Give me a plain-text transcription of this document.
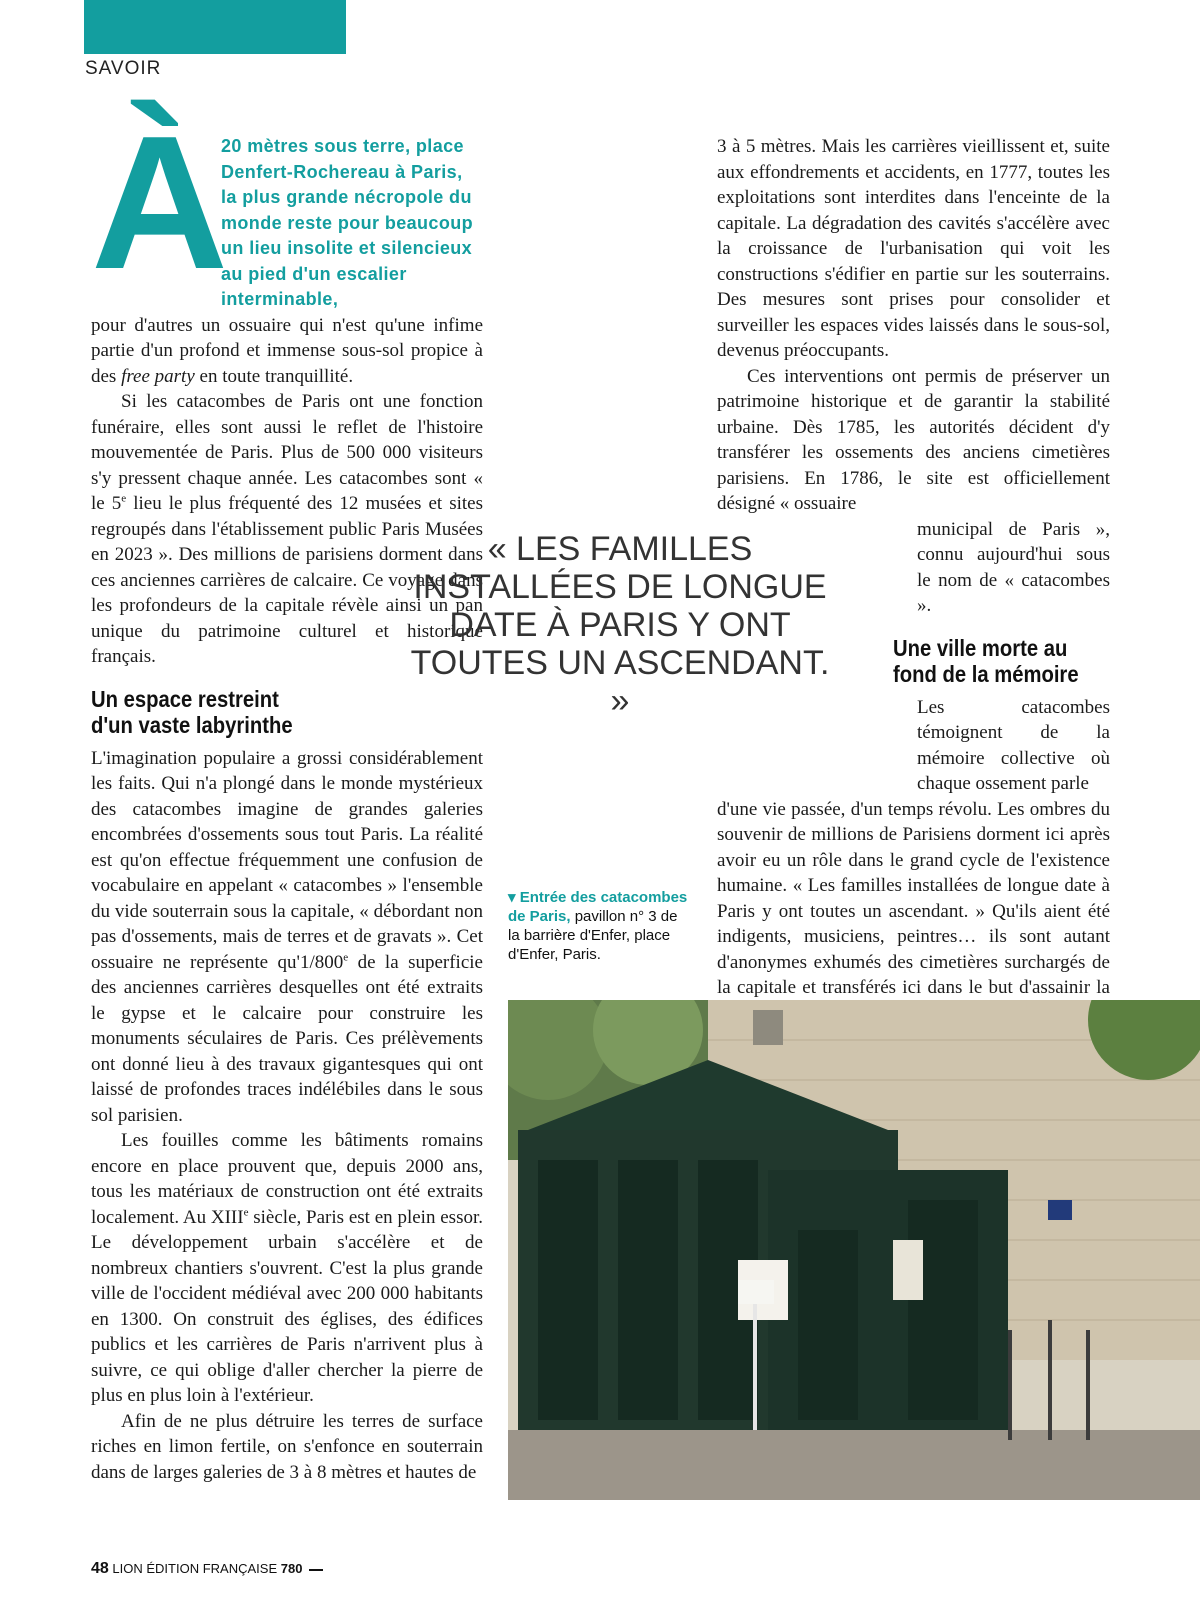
SAVOIR
À
20 mètres sous terre, place Denfert-Rochereau à Paris, la plus grande nécropole du monde reste pour beaucoup un lieu insolite et silencieux au pied d'un escalier interminable,

pour d'autres un ossuaire qui n'est qu'une infime partie d'un profond et immense sous-sol propice à des free party en toute tranquillité.

Si les catacombes de Paris ont une fonction funéraire, elles sont aussi le reflet de l'histoire mouvementée de Paris. Plus de 500 000 visiteurs s'y pressent chaque année. Les catacombes sont « le 5e lieu le plus fréquenté des 12 musées et sites regroupés dans l'établissement public Paris Musées en 2023 ». Des millions de parisiens dorment dans ces anciennes carrières de calcaire. Ce voyage dans les profondeurs de la capitale révèle ainsi un pan unique du patrimoine culturel et historique français.

Un espace restreint
d'un vaste labyrinthe

L'imagination populaire a grossi considérablement les faits. Qui n'a plongé dans le monde mystérieux des catacombes imagine de grandes galeries encombrées d'ossements sous tout Paris. La réalité est qu'on effectue fréquemment une confusion de vocabulaire en appelant « catacombes » l'ensemble du vide souterrain sous la capitale, « débordant non pas d'ossements, mais de terres et de gravats ». Cet ossuaire ne représente qu'1/800e de la superficie des anciennes carrières desquelles ont été extraits le gypse et le calcaire pour construire les monuments séculaires de Paris. Ces prélèvements ont donné lieu à des travaux gigantesques qui ont laissé de profondes traces indélébiles dans le sous sol parisien.

Les fouilles comme les bâtiments romains encore en place prouvent que, depuis 2000 ans, tous les matériaux de construction ont été extraits localement. Au XIIIe siècle, Paris est en plein essor. Le développement urbain s'accélère et de nombreux chantiers s'ouvrent. C'est la plus grande ville de l'occident médiéval avec 200 000 habitants en 1300. On construit des églises, des édifices publics et les carrières de Paris n'arrivent plus à suivre, ce qui oblige d'aller chercher la pierre de plus en plus loin à l'extérieur.

Afin de ne plus détruire les terres de surface riches en limon fertile, on s'enfonce en souterrain dans de larges galeries de 3 à 8 mètres et hautes de

3 à 5 mètres. Mais les carrières vieillissent et, suite aux effondrements et accidents, en 1777, toutes les exploitations sont interdites dans l'enceinte de la capitale. La dégradation des cavités s'accélère avec la croissance de l'urbanisation qui voit les constructions s'édifier en partie sur les souterrains. Des mesures sont prises pour consolider et surveiller les espaces vides laissés dans le sous-sol, devenus préoccupants.

Ces interventions ont permis de préserver un patrimoine historique et de garantir la stabilité urbaine. Dès 1785, les autorités décident d'y transférer les ossements des anciens cimetières parisiens. En 1786, le site est officiellement désigné « ossuaire

municipal de Paris », connu aujourd'hui sous le nom de « catacombes ».

Une ville morte au
fond de la mémoire

Les catacombes témoignent de la mémoire collective où chaque ossement parle

d'une vie passée, d'un temps révolu. Les ombres du souvenir de millions de Parisiens dorment ici après avoir eu un rôle dans le grand cycle de l'existence humaine. « Les familles installées de longue date à Paris y ont toutes un ascendant. » Qu'ils aient été indigents, musiciens, peintres… ils sont autant d'anonymes exhumés des cimetières surchargés de la capitale et transférés ici dans le but d'assainir la

« LES FAMILLES INSTALLÉES DE LONGUE DATE À PARIS Y ONT TOUTES UN ASCENDANT. »
▾ Entrée des catacombes de Paris, pavillon n° 3 de la barrière d'Enfer, place d'Enfer, Paris.
48 LION ÉDITION FRANÇAISE 780
